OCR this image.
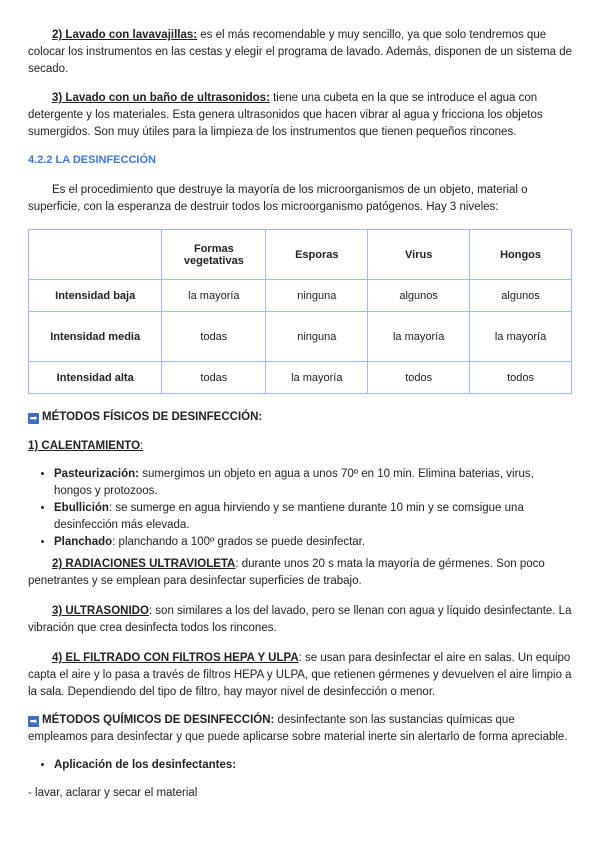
2) Lavado con lavavajillas: es el más recomendable y muy sencillo, ya que solo tendremos que colocar los instrumentos en las cestas y elegir el programa de lavado. Además, disponen de un sistema de secado.

3) Lavado con un baño de ultrasonidos: tiene una cubeta en la que se introduce el agua con detergente y los materiales. Esta genera ultrasonidos que hacen vibrar al agua y fricciona los objetos sumergidos. Son muy útiles para la limpieza de los instrumentos que tienen pequeños rincones.

4.2.2 LA DESINFECCIÓN

Es el procedimiento que destruye la mayoría de los microorganismos de un objeto, material o superficie, con la esperanza de destruir todos los microorganismo patógenos. Hay 3 niveles:

	Formas vegetativas	Esporas	Virus	Hongos
Intensidad baja	la mayoría	ninguna	algunos	algunos
Intensidad media	todas	ninguna	la mayoría	la mayoría
Intensidad alta	todas	la mayoría	todos	todos

➡ MÉTODOS FÍSICOS DE DESINFECCIÓN:

1) CALENTAMIENTO:

• Pasteurización: sumergimos un objeto en agua a unos 70º en 10 min. Elimina baterias, virus, hongos y protozoos.
• Ebullición: se sumerge en agua hirviendo y se mantiene durante 10 min y se comsigue una desinfección más elevada.
• Planchado: planchando a 100º grados se puede desinfectar.

2) RADIACIONES ULTRAVIOLETA: durante unos 20 s mata la mayoría de gérmenes. Son poco penetrantes y se emplean para desinfectar superficies de trabajo.

3) ULTRASONIDO: son similares a los del lavado, pero se llenan con agua y líquido desinfectante. La vibración que crea desinfecta todos los rincones.

4) EL FILTRADO CON FILTROS HEPA Y ULPA: se usan para desinfectar el aire en salas. Un equipo capta el aire y lo pasa a través de filtros HEPA y ULPA, que retienen gérmenes y devuelven el aire limpio a la sala. Dependiendo del tipo de filtro, hay mayor nivel de desinfección o menor.

➡ MÉTODOS QUÍMICOS DE DESINFECCIÓN: desinfectante son las sustancias químicas que empleamos para desinfectar y que puede aplicarse sobre material inerte sin alertarlo de forma apreciable.

• Aplicación de los desinfectantes:

- lavar, aclarar y secar el material
